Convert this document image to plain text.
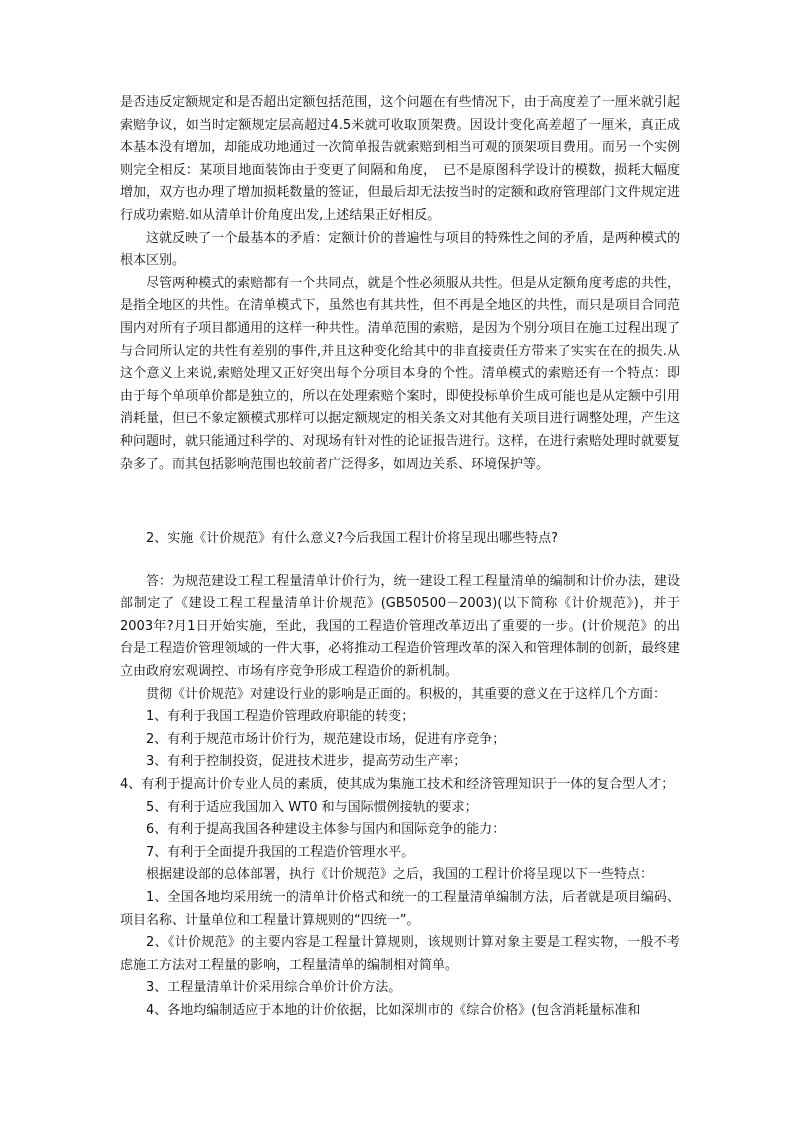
是否违反定额规定和是否超出定额包括范围，这个问题在有些情况下，由于高度差了一厘米就引起索赔争议，如当时定额规定层高超过4.5米就可收取顶架费。因设计变化高差超了一厘米，真正成本基本没有增加，却能成功地通过一次简单报告就索赔到相当可观的顶架项目费用。而另一个实例则完全相反：某项目地面装饰由于变更了间隔和角度，　已不是原图科学设计的模数，损耗大幅度增加，双方也办理了增加损耗数量的签证，但最后却无法按当时的定额和政府管理部门文件规定进行成功索赔.如从清单计价角度出发,上述结果正好相反。

这就反映了一个最基本的矛盾：定额计价的普遍性与项目的特殊性之间的矛盾，是两种模式的根本区别。

尽管两种模式的索赔都有一个共同点，就是个性必须服从共性。但是从定额角度考虑的共性，是指全地区的共性。在清单模式下，虽然也有其共性，但不再是全地区的共性，而只是项目合同范围内对所有子项目都通用的这样一种共性。清单范围的索赔，是因为个别分项目在施工过程出现了与合同所认定的共性有差别的事件,并且这种变化给其中的非直接责任方带来了实实在在的损失.从这个意义上来说,索赔处理又正好突出每个分项目本身的个性。清单模式的索赔还有一个特点：即由于每个单项单价都是独立的，所以在处理索赔个案时，即使投标单价生成可能也是从定额中引用消耗量，但已不象定额模式那样可以据定额规定的相关条文对其他有关项目进行调整处理，产生这种问题时，就只能通过科学的、对现场有针对性的论证报告进行。这样，在进行索赔处理时就要复杂多了。而其包括影响范围也较前者广泛得多，如周边关系、环境保护等。

2、实施《计价规范》有什么意义?今后我国工程计价将呈现出哪些特点?

答：为规范建设工程工程量清单计价行为，统一建设工程工程量清单的编制和计价办法，建设部制定了《建设工程工程量清单计价规范》(GB50500－2003)(以下简称《计价规范》)，并于 2003年?月1日开始实施，至此，我国的工程造价管理改革迈出了重要的一步。(计价规范》的出台是工程造价管理领域的一件大事，必将推动工程造价管理改革的深入和管理体制的创新，最终建立由政府宏观调控、市场有序竞争形成工程造价的新机制。

贯彻《计价规范》对建设行业的影响是正面的。积极的，其重要的意义在于这样几个方面：

1、有利于我国工程造价管理政府职能的转变；

2、有利于规范市场计价行为，规范建设市场，促进有序竞争；

3、有利于控制投资，促进技术进步，提高劳动生产率；

4、有利于提高计价专业人员的素质，使其成为集施工技术和经济管理知识于一体的复合型人才；

5、有利于适应我国加入 WT0 和与国际惯例接轨的要求；

6、有利于提高我国各种建设主体参与国内和国际竞争的能力：

7、有利于全面提升我国的工程造价管理水平。

根据建设部的总体部署，执行《计价规范》之后，我国的工程计价将呈现以下一些特点：

1、全国各地均采用统一的清单计价格式和统一的工程量清单编制方法，后者就是项目编码、项目名称、计量单位和工程量计算规则的“四统一”。

2、《计价规范》的主要内容是工程量计算规则，该规则计算对象主要是工程实物，一般不考虑施工方法对工程量的影响，工程量清单的编制相对简单。

3、工程量清单计价采用综合单价计价方法。

4、各地均编制适应于本地的计价依据，比如深圳市的《综合价格》(包含消耗量标准和
